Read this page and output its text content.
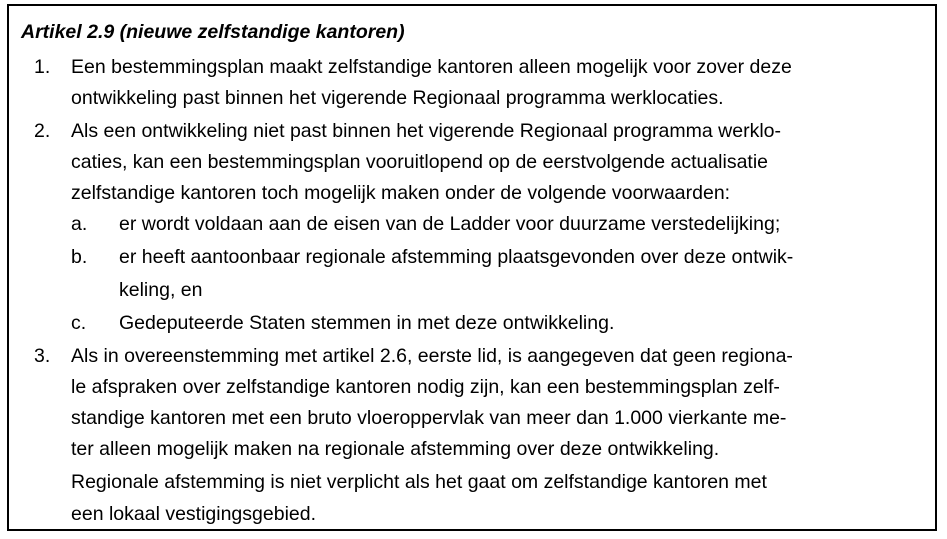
Artikel 2.9 (nieuwe zelfstandige kantoren)
1. Een bestemmingsplan maakt zelfstandige kantoren alleen mogelijk voor zover deze
ontwikkeling past binnen het vigerende Regionaal programma werklocaties.
2. Als een ontwikkeling niet past binnen het vigerende Regionaal programma werklo-
caties, kan een bestemmingsplan vooruitlopend op de eerstvolgende actualisatie
zelfstandige kantoren toch mogelijk maken onder de volgende voorwaarden:
a. er wordt voldaan aan de eisen van de Ladder voor duurzame verstedelijking;
b. er heeft aantoonbaar regionale afstemming plaatsgevonden over deze ontwik-
keling, en
c. Gedeputeerde Staten stemmen in met deze ontwikkeling.
3. Als in overeenstemming met artikel 2.6, eerste lid, is aangegeven dat geen regiona-
le afspraken over zelfstandige kantoren nodig zijn, kan een bestemmingsplan zelf-
standige kantoren met een bruto vloeroppervlak van meer dan 1.000 vierkante me-
ter alleen mogelijk maken na regionale afstemming over deze ontwikkeling.
Regionale afstemming is niet verplicht als het gaat om zelfstandige kantoren met
een lokaal vestigingsgebied.
